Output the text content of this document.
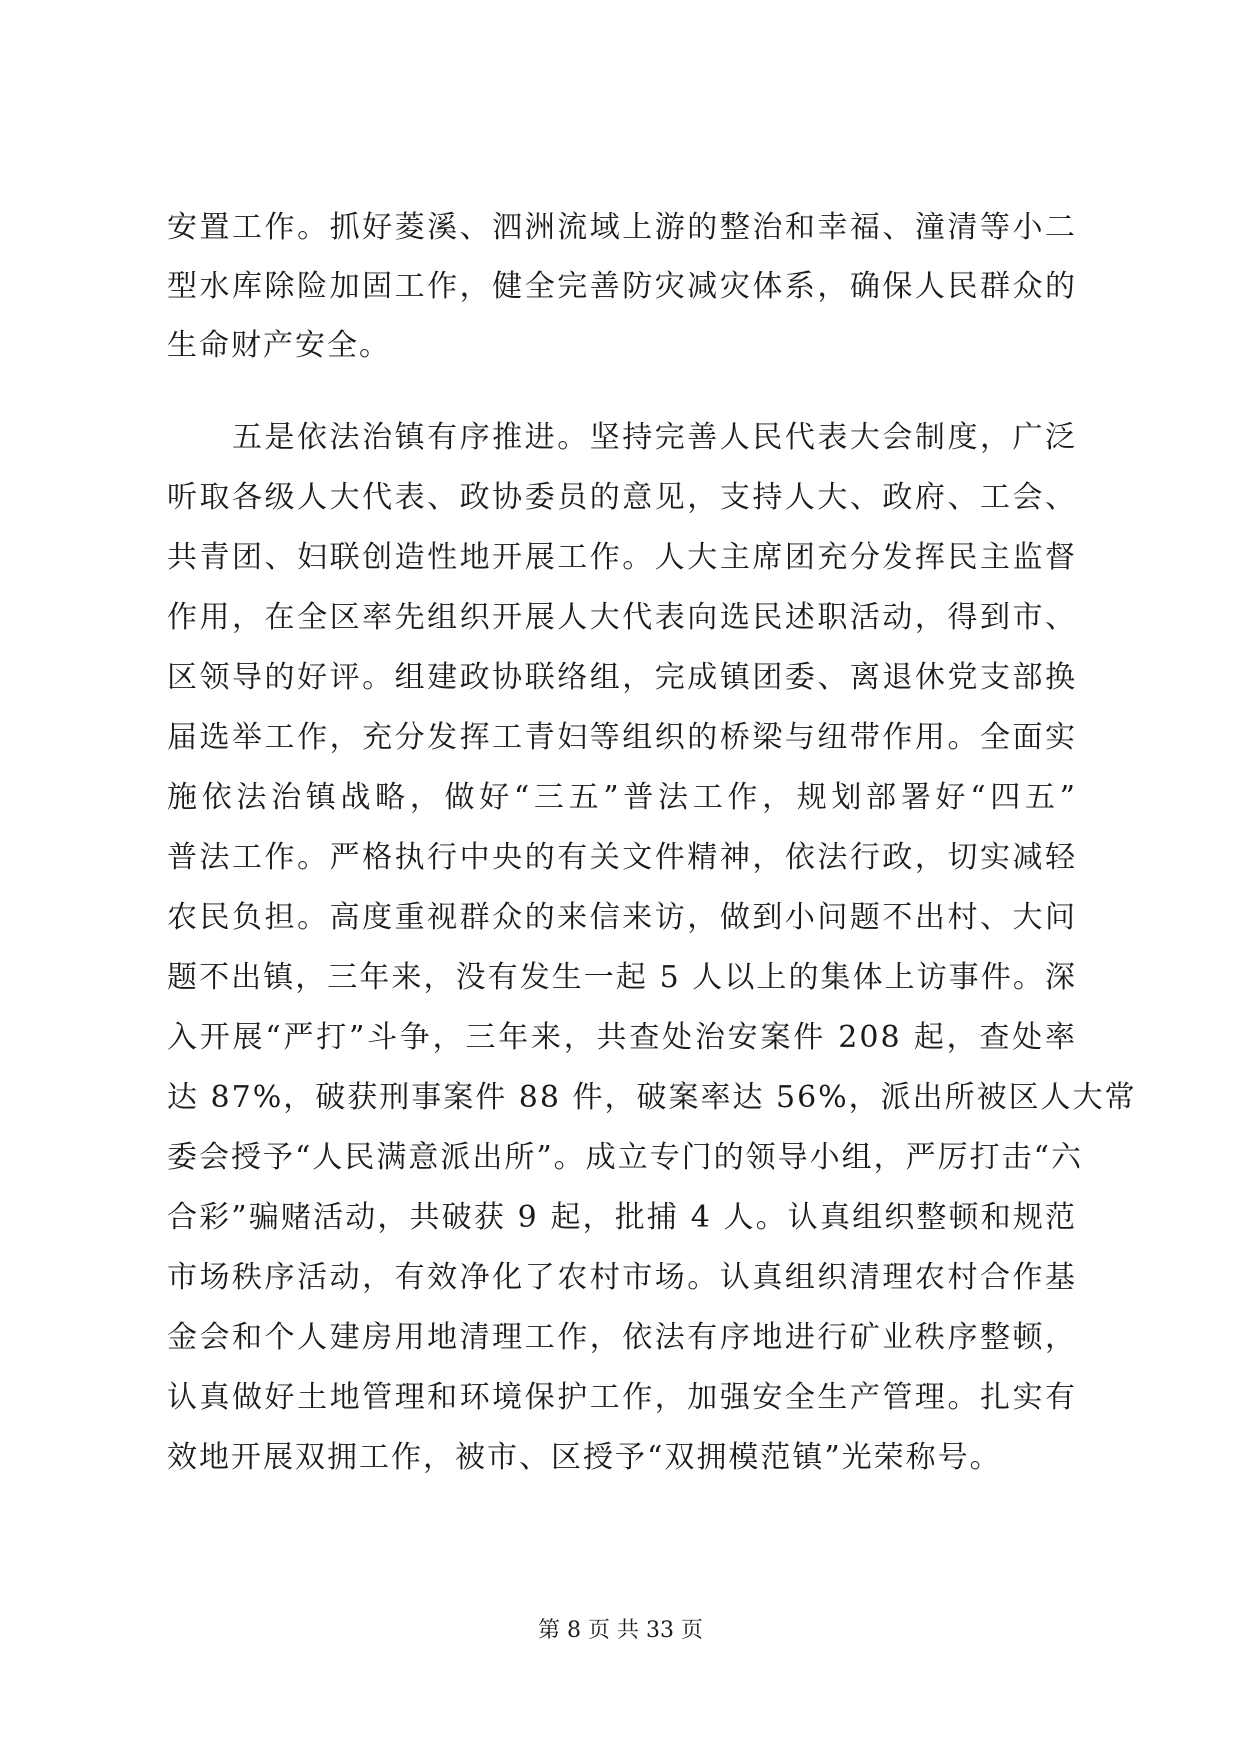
安置工作。抓好菱溪、泗洲流域上游的整治和幸福、潼清等小二
型水库除险加固工作，健全完善防灾减灾体系，确保人民群众的
生命财产安全。
五是依法治镇有序推进。坚持完善人民代表大会制度，广泛
听取各级人大代表、政协委员的意见，支持人大、政府、工会、
共青团、妇联创造性地开展工作。人大主席团充分发挥民主监督
作用，在全区率先组织开展人大代表向选民述职活动，得到市、
区领导的好评。组建政协联络组，完成镇团委、离退休党支部换
届选举工作，充分发挥工青妇等组织的桥梁与纽带作用。全面实
施依法治镇战略，做好“三五”普法工作，规划部署好“四五”
普法工作。严格执行中央的有关文件精神，依法行政，切实减轻
农民负担。高度重视群众的来信来访，做到小问题不出村、大问
题不出镇，三年来，没有发生一起 5 人以上的集体上访事件。深
入开展“严打”斗争，三年来，共查处治安案件 208 起，查处率
达 87%，破获刑事案件 88 件，破案率达 56%，派出所被区人大常
委会授予“人民满意派出所”。成立专门的领导小组，严厉打击“六
合彩”骗赌活动，共破获 9 起，批捕 4 人。认真组织整顿和规范
市场秩序活动，有效净化了农村市场。认真组织清理农村合作基
金会和个人建房用地清理工作，依法有序地进行矿业秩序整顿，
认真做好土地管理和环境保护工作，加强安全生产管理。扎实有
效地开展双拥工作，被市、区授予“双拥模范镇”光荣称号。
第 8 页 共 33 页
